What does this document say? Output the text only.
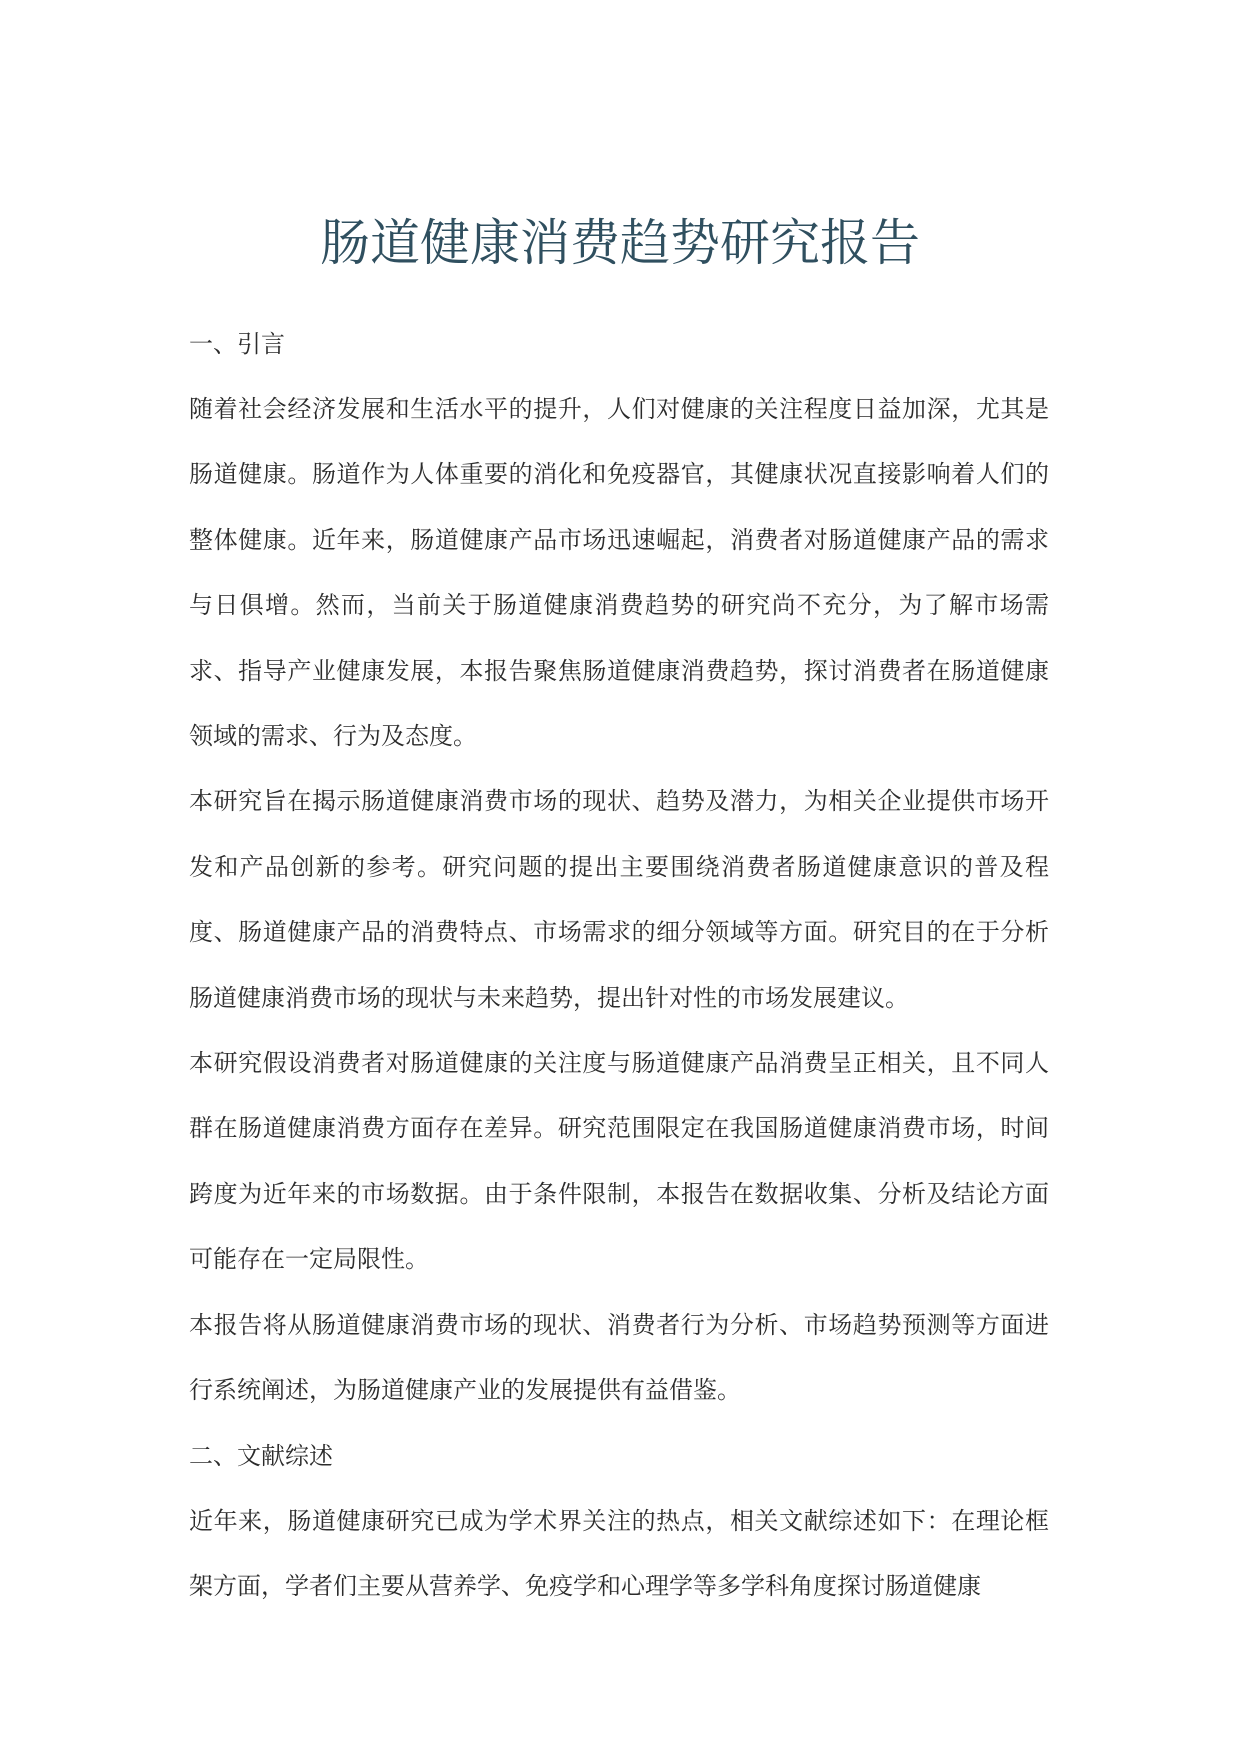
肠道健康消费趋势研究报告

一、引言

随着社会经济发展和生活水平的提升，人们对健康的关注程度日益加深，尤其是肠道健康。肠道作为人体重要的消化和免疫器官，其健康状况直接影响着人们的整体健康。近年来，肠道健康产品市场迅速崛起，消费者对肠道健康产品的需求与日俱增。然而，当前关于肠道健康消费趋势的研究尚不充分，为了解市场需求、指导产业健康发展，本报告聚焦肠道健康消费趋势，探讨消费者在肠道健康领域的需求、行为及态度。

本研究旨在揭示肠道健康消费市场的现状、趋势及潜力，为相关企业提供市场开发和产品创新的参考。研究问题的提出主要围绕消费者肠道健康意识的普及程度、肠道健康产品的消费特点、市场需求的细分领域等方面。研究目的在于分析肠道健康消费市场的现状与未来趋势，提出针对性的市场发展建议。

本研究假设消费者对肠道健康的关注度与肠道健康产品消费呈正相关，且不同人群在肠道健康消费方面存在差异。研究范围限定在我国肠道健康消费市场，时间跨度为近年来的市场数据。由于条件限制，本报告在数据收集、分析及结论方面可能存在一定局限性。

本报告将从肠道健康消费市场的现状、消费者行为分析、市场趋势预测等方面进行系统阐述，为肠道健康产业的发展提供有益借鉴。

二、文献综述

近年来，肠道健康研究已成为学术界关注的热点，相关文献综述如下：在理论框架方面，学者们主要从营养学、免疫学和心理学等多学科角度探讨肠道健康
